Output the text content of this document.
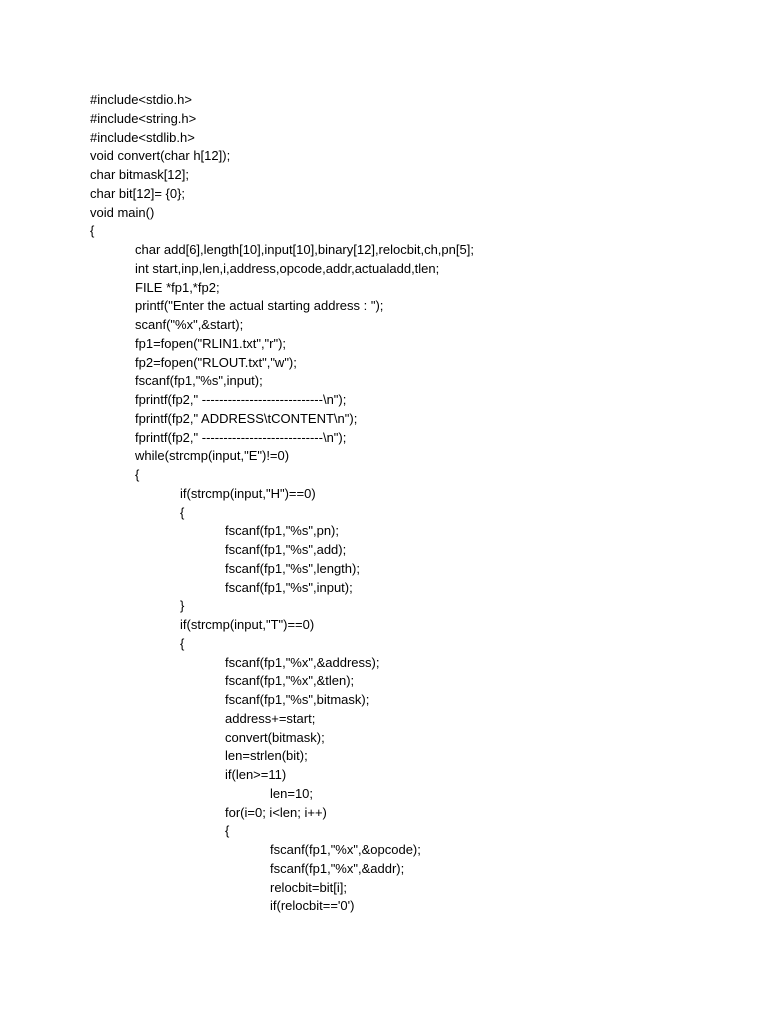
#include<stdio.h>
#include<string.h>
#include<stdlib.h>
void convert(char h[12]);
char bitmask[12];
char bit[12]= {0};
void main()
{
char add[6],length[10],input[10],binary[12],relocbit,ch,pn[5];
int start,inp,len,i,address,opcode,addr,actualadd,tlen;
FILE *fp1,*fp2;
printf("Enter the actual starting address : ");
scanf("%x",&start);
fp1=fopen("RLIN1.txt","r");
fp2=fopen("RLOUT.txt","w");
fscanf(fp1,"%s",input);
fprintf(fp2," ----------------------------\n");
fprintf(fp2," ADDRESS\tCONTENT\n");
fprintf(fp2," ----------------------------\n");
while(strcmp(input,"E")!=0)
{
if(strcmp(input,"H")==0)
{
fscanf(fp1,"%s",pn);
fscanf(fp1,"%s",add);
fscanf(fp1,"%s",length);
fscanf(fp1,"%s",input);
}
if(strcmp(input,"T")==0)
{
fscanf(fp1,"%x",&address);
fscanf(fp1,"%x",&tlen);
fscanf(fp1,"%s",bitmask);
address+=start;
convert(bitmask);
len=strlen(bit);
if(len>=11)
len=10;
for(i=0; i<len; i++)
{
fscanf(fp1,"%x",&opcode);
fscanf(fp1,"%x",&addr);
relocbit=bit[i];
if(relocbit=='0')
